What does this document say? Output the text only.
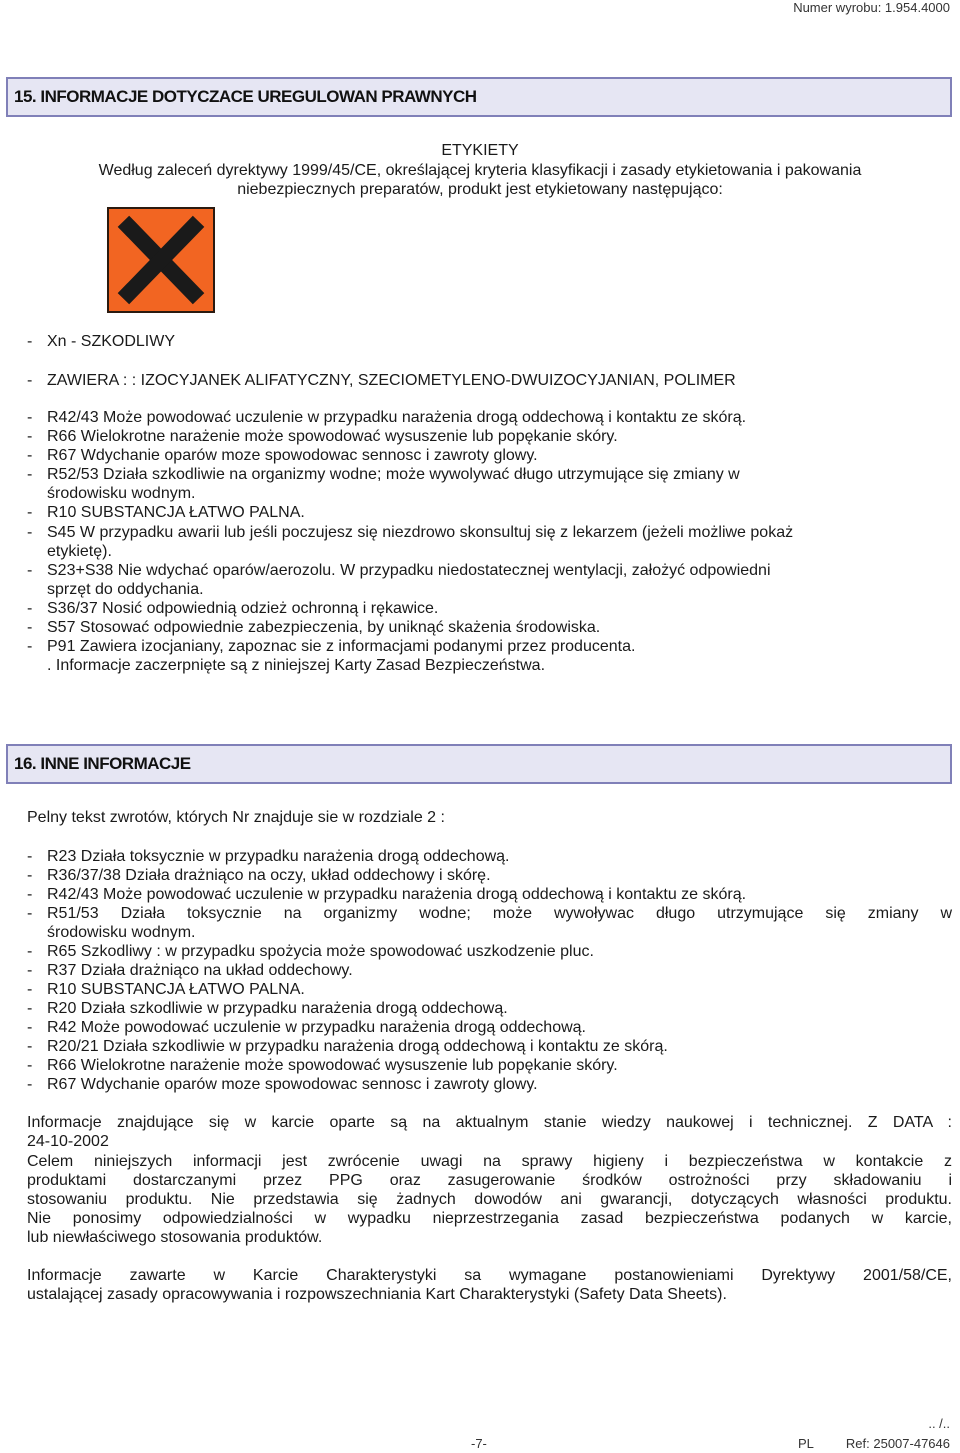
Numer wyrobu: 1.954.4000
15. INFORMACJE DOTYCZACE UREGULOWAN PRAWNYCH
ETYKIETY
Według zaleceń dyrektywy 1999/45/CE, określającej kryteria klasyfikacji i zasady etykietowania i pakowania
niebezpiecznych preparatów, produkt jest etykietowany następująco:
- Xn - SZKODLIWY
- ZAWIERA : : IZOCYJANEK ALIFATYCZNY, SZECIOMETYLENO-DWUIZOCYJANIAN, POLIMER
- R42/43 Może powodować uczulenie w przypadku narażenia drogą oddechową i kontaktu ze skórą.
- R66 Wielokrotne narażenie może spowodować wysuszenie lub popękanie skóry.
- R67 Wdychanie oparów moze spowodowac sennosc i zawroty glowy.
- R52/53 Działa szkodliwie na organizmy wodne; może wywolywać długo utrzymujące się zmiany w
środowisku wodnym.
- R10 SUBSTANCJA ŁATWO PALNA.
- S45 W przypadku awarii lub jeśli poczujesz się niezdrowo skonsultuj się z lekarzem (jeżeli możliwe pokaż
etykietę).
- S23+S38 Nie wdychać oparów/aerozolu. W przypadku niedostatecznej wentylacji, założyć odpowiedni
sprzęt do oddychania.
- S36/37 Nosić odpowiednią odzież ochronną i rękawice.
- S57 Stosować odpowiednie zabezpieczenia, by uniknąć skażenia środowiska.
- P91 Zawiera izocjaniany, zapoznac sie z informacjami podanymi przez producenta.
. Informacje zaczerpnięte są z niniejszej Karty Zasad Bezpieczeństwa.
16. INNE INFORMACJE
Pelny tekst zwrotów, których Nr znajduje sie w rozdziale 2 :
- R23 Działa toksycznie w przypadku narażenia drogą oddechową.
- R36/37/38 Działa drażniąco na oczy, układ oddechowy i skórę.
- R42/43 Może powodować uczulenie w przypadku narażenia drogą oddechową i kontaktu ze skórą.
- R51/53 Działa toksycznie na organizmy wodne; może wywoływac długo utrzymujące się zmiany w
środowisku wodnym.
- R65 Szkodliwy : w przypadku spożycia może spowodować uszkodzenie pluc.
- R37 Działa drażniąco na układ oddechowy.
- R10 SUBSTANCJA ŁATWO PALNA.
- R20 Działa szkodliwie w przypadku narażenia drogą oddechową.
- R42 Może powodować uczulenie w przypadku narażenia drogą oddechową.
- R20/21 Działa szkodliwie w przypadku narażenia drogą oddechową i kontaktu ze skórą.
- R66 Wielokrotne narażenie może spowodować wysuszenie lub popękanie skóry.
- R67 Wdychanie oparów moze spowodowac sennosc i zawroty glowy.
Informacje znajdujące się w karcie oparte są na aktualnym stanie wiedzy naukowej i technicznej. Z DATA :
24-10-2002
Celem niniejszych informacji jest zwrócenie uwagi na sprawy higieny i bezpieczeństwa w kontakcie z
produktami dostarczanymi przez PPG oraz zasugerowanie środków ostrożności przy składowaniu i
stosowaniu produktu. Nie przedstawia się żadnych dowodów ani gwarancji, dotyczących własności produktu.
Nie ponosimy odpowiedzialności w wypadku nieprzestrzegania zasad bezpieczeństwa podanych w karcie,
lub niewłaściwego stosowania produktów.
Informacje zawarte w Karcie Charakterystyki sa wymagane postanowieniami Dyrektywy 2001/58/CE,
ustalającej zasady opracowywania i rozpowszechniania Kart Charakterystyki (Safety Data Sheets).
.. /..
-7-	PL Ref: 25007-47646
